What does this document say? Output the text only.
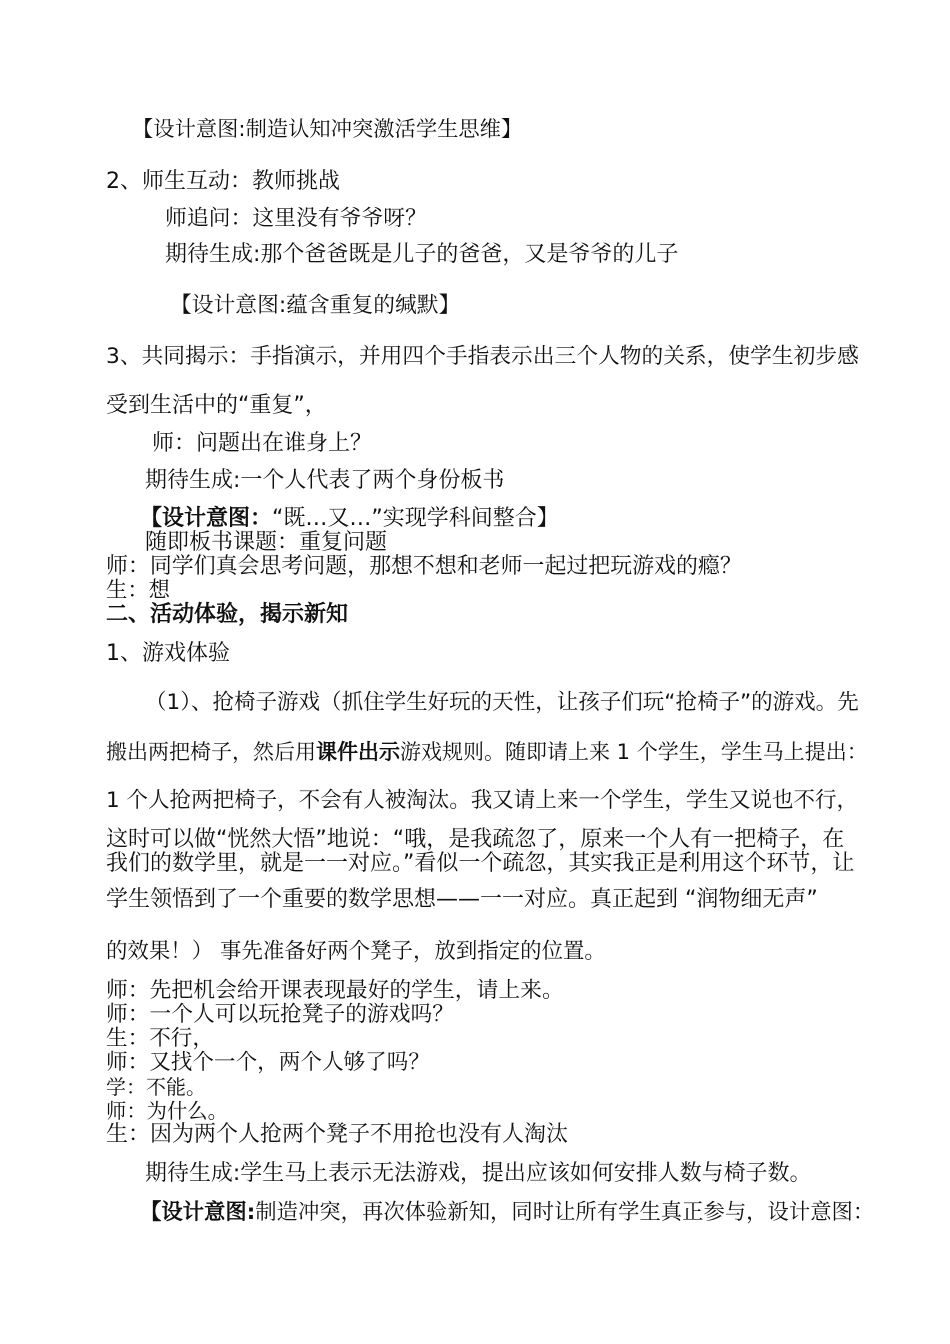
【设计意图:制造认知冲突激活学生思维】

2、师生互动：教师挑战

师追问：这里没有爷爷呀？

期待生成:那个爸爸既是儿子的爸爸，又是爷爷的儿子

【设计意图:蕴含重复的缄默】

3、共同揭示：手指演示，并用四个手指表示出三个人物的关系，使学生初步感

受到生活中的“重复”，

师：问题出在谁身上？

期待生成:一个人代表了两个身份板书

【设计意图：“既…又…”实现学科间整合】

随即板书课题：重复问题

师：同学们真会思考问题，那想不想和老师一起过把玩游戏的瘾？

生：想

二、活动体验，揭示新知

1、游戏体验

（1）、抢椅子游戏（抓住学生好玩的天性，让孩子们玩“抢椅子”的游戏。先

搬出两把椅子，然后用课件出示游戏规则。随即请上来 1 个学生，学生马上提出：

1 个人抢两把椅子，不会有人被淘汰。我又请上来一个学生，学生又说也不行，

这时可以做“恍然大悟”地说：“哦，是我疏忽了，原来一个人有一把椅子，在

我们的数学里，就是一一对应。”看似一个疏忽，其实我正是利用这个环节，让

学生领悟到了一个重要的数学思想——一一对应。真正起到 “润物细无声”

的效果！） 事先准备好两个凳子，放到指定的位置。

师：先把机会给开课表现最好的学生，请上来。

师：一个人可以玩抢凳子的游戏吗？

生：不行，

师：又找个一个，两个人够了吗？

学：不能。

师：为什么。

生：因为两个人抢两个凳子不用抢也没有人淘汰

期待生成:学生马上表示无法游戏，提出应该如何安排人数与椅子数。

【设计意图:制造冲突，再次体验新知，同时让所有学生真正参与，设计意图：
